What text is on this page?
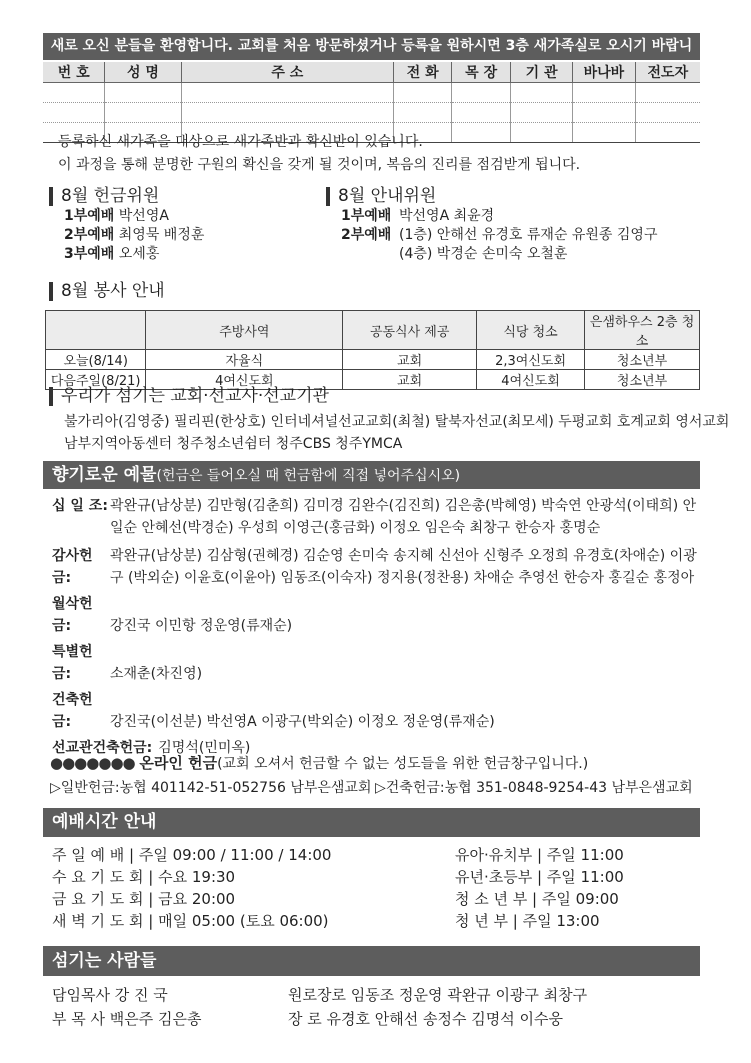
새로 오신 분들을 환영합니다. 교회를 처음 방문하셨거나 등록을 원하시면 3층 새가족실로 오시기 바랍니
번 호	성 명	주 소	전 화	목 장	기 관	바나바	전도자

등록하신 새가족을 대상으로 새가족반과 확신반이 있습니다.
이 과정을 통해 분명한 구원의 확신을 갖게 될 것이며, 복음의 진리를 점검받게 됩니다.
8월 헌금위원
1부예배 박선영A
2부예배 최영묵 배정훈
3부예배 오세홍
8월 안내위원
1부예배 박선영A 최윤경
2부예배 (1층) 안해선 유경호 류재순 유원종 김영구
(4층) 박경순 손미숙 오철훈
8월 봉사 안내
	주방사역	공동식사 제공	식당 청소	은샘하우스 2층 청소
오늘(8/14)	자율식	교회	2,3여신도회	청소년부
다음주일(8/21)	4여신도회	교회	4여신도회	청소년부
우리가 섬기는 교회·선교사·선교기관
불가리아(김영중) 필리핀(한상호) 인터네셔널선교교회(최철) 탈북자선교(최모세) 두평교회 호계교회 영서교회
남부지역아동센터 청주청소년쉼터 청주CBS 청주YMCA
향기로운 예물(헌금은 들어오실 때 헌금함에 직접 넣어주십시오)
십 일 조: 곽완규(남상분) 김만형(김춘희) 김미경 김완수(김진희) 김은총(박혜영) 박숙연 안광석(이태희) 안일순 안혜선(박경순) 우성희 이영근(홍금화) 이정오 임은숙 최창구 한승자 홍명순
감사헌금:곽완규(남상분) 김삼형(권혜경) 김순영 손미숙 송지혜 신선아 신형주 오정희 유경호(차애순) 이광구 (박외순) 이윤호(이윤아) 임동조(이숙자) 정지용(정찬용) 차애순 추영선 한승자 홍길순 홍정아
월삭헌금:	강진국 이민항 정운영(류재순)
특별헌금:	소재춘(차진영)
건축헌금:	강진국(이선분) 박선영A 이광구(박외순) 이정오 정운영(류재순)
선교관건축헌금: 김명석(민미옥)
●●●●●●● 온라인 헌금(교회 오셔서 헌금할 수 없는 성도들을 위한 헌금창구입니다.)
▷일반헌금:농협 401142-51-052756 남부은샘교회 ▷건축헌금:농협 351-0848-9254-43 남부은샘교회
예배시간 안내
주 일 예 배 | 주일 09:00 / 11:00 / 14:00
수 요 기 도 회 | 수요 19:30
금 요 기 도 회 | 금요 20:00
새 벽 기 도 회 | 매일 05:00 (토요 06:00)
유아·유치부 | 주일 11:00
유년·초등부 | 주일 11:00
청 소 년 부 | 주일 09:00
청 년 부 | 주일 13:00
섬기는 사람들
담임목사 강 진 국
부 목 사 백은주 김은총
원로장로 임동조 정운영 곽완규 이광구 최창구
장 로 유경호 안해선 송정수 김명석 이수웅
